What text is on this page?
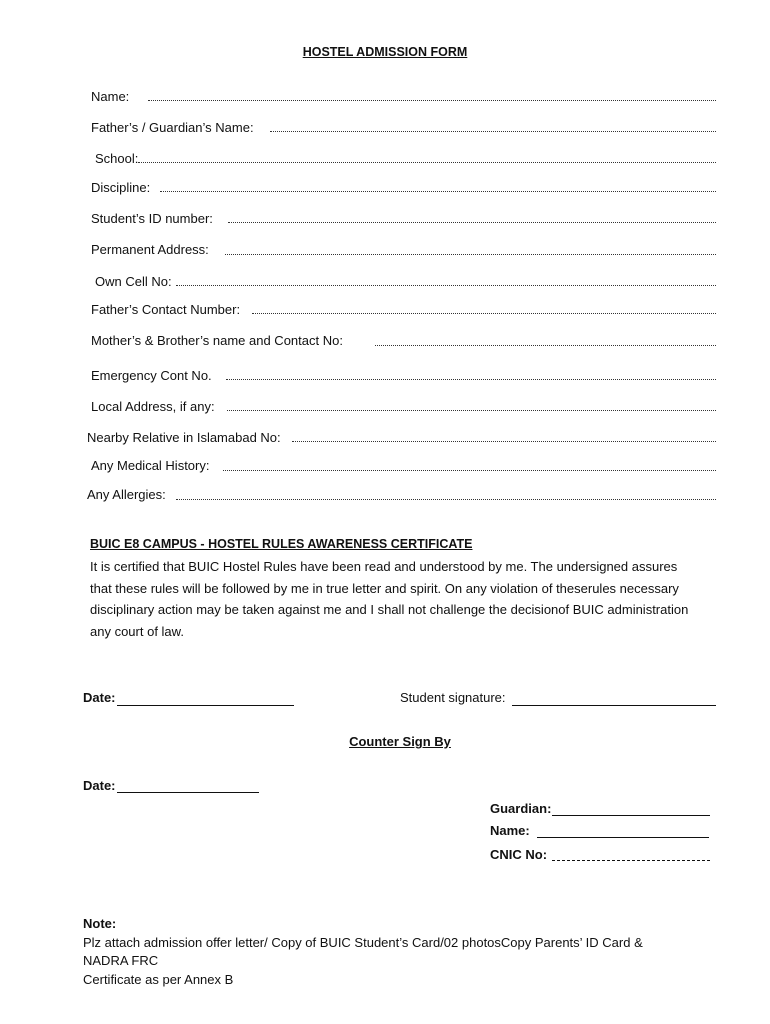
HOSTEL ADMISSION FORM
Name:
Father’s / Guardian’s Name:
School:
Discipline:
Student’s ID number:
Permanent Address:
Own Cell No:
Father’s Contact Number:
Mother’s & Brother’s name and Contact No:
Emergency Cont No.
Local Address, if any:
Nearby Relative in Islamabad No:
Any Medical History:
Any Allergies:
BUIC E8 CAMPUS - HOSTEL RULES AWARENESS CERTIFICATE
It is certified that BUIC Hostel Rules have been read and understood by me. The undersigned assures
that these rules will be followed by me in true letter and spirit. On any violation of theserules necessary
disciplinary action may be taken against me and I shall not challenge the decisionof BUIC administration
any court of law.
Date:	Student signature:
Counter Sign By
Date:
Guardian:
Name:
CNIC No:
Note:
Plz attach admission offer letter/ Copy of BUIC Student’s Card/02 photosCopy Parents’ ID Card &
NADRA FRC
Certificate as per Annex B
